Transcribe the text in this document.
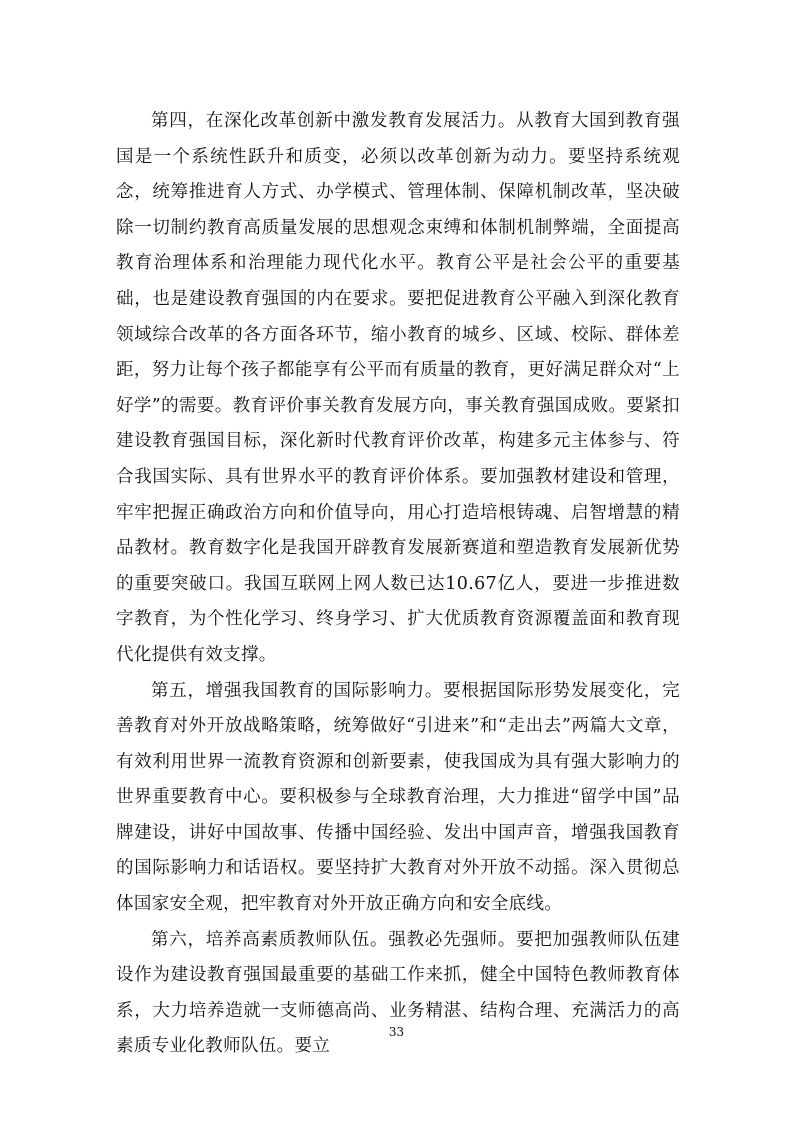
第四，在深化改革创新中激发教育发展活力。从教育大国到教育强国是一个系统性跃升和质变，必须以改革创新为动力。要坚持系统观念，统筹推进育人方式、办学模式、管理体制、保障机制改革，坚决破除一切制约教育高质量发展的思想观念束缚和体制机制弊端，全面提高教育治理体系和治理能力现代化水平。教育公平是社会公平的重要基础，也是建设教育强国的内在要求。要把促进教育公平融入到深化教育领域综合改革的各方面各环节，缩小教育的城乡、区域、校际、群体差距，努力让每个孩子都能享有公平而有质量的教育，更好满足群众对“上好学”的需要。教育评价事关教育发展方向，事关教育强国成败。要紧扣建设教育强国目标，深化新时代教育评价改革，构建多元主体参与、符合我国实际、具有世界水平的教育评价体系。要加强教材建设和管理，牢牢把握正确政治方向和价值导向，用心打造培根铸魂、启智增慧的精品教材。教育数字化是我国开辟教育发展新赛道和塑造教育发展新优势的重要突破口。我国互联网上网人数已达10.67亿人，要进一步推进数字教育，为个性化学习、终身学习、扩大优质教育资源覆盖面和教育现代化提供有效支撑。

第五，增强我国教育的国际影响力。要根据国际形势发展变化，完善教育对外开放战略策略，统筹做好“引进来”和“走出去”两篇大文章，有效利用世界一流教育资源和创新要素，使我国成为具有强大影响力的世界重要教育中心。要积极参与全球教育治理，大力推进“留学中国”品牌建设，讲好中国故事、传播中国经验、发出中国声音，增强我国教育的国际影响力和话语权。要坚持扩大教育对外开放不动摇。深入贯彻总体国家安全观，把牢教育对外开放正确方向和安全底线。

第六，培养高素质教师队伍。强教必先强师。要把加强教师队伍建设作为建设教育强国最重要的基础工作来抓，健全中国特色教师教育体系，大力培养造就一支师德高尚、业务精湛、结构合理、充满活力的高素质专业化教师队伍。要立

33
